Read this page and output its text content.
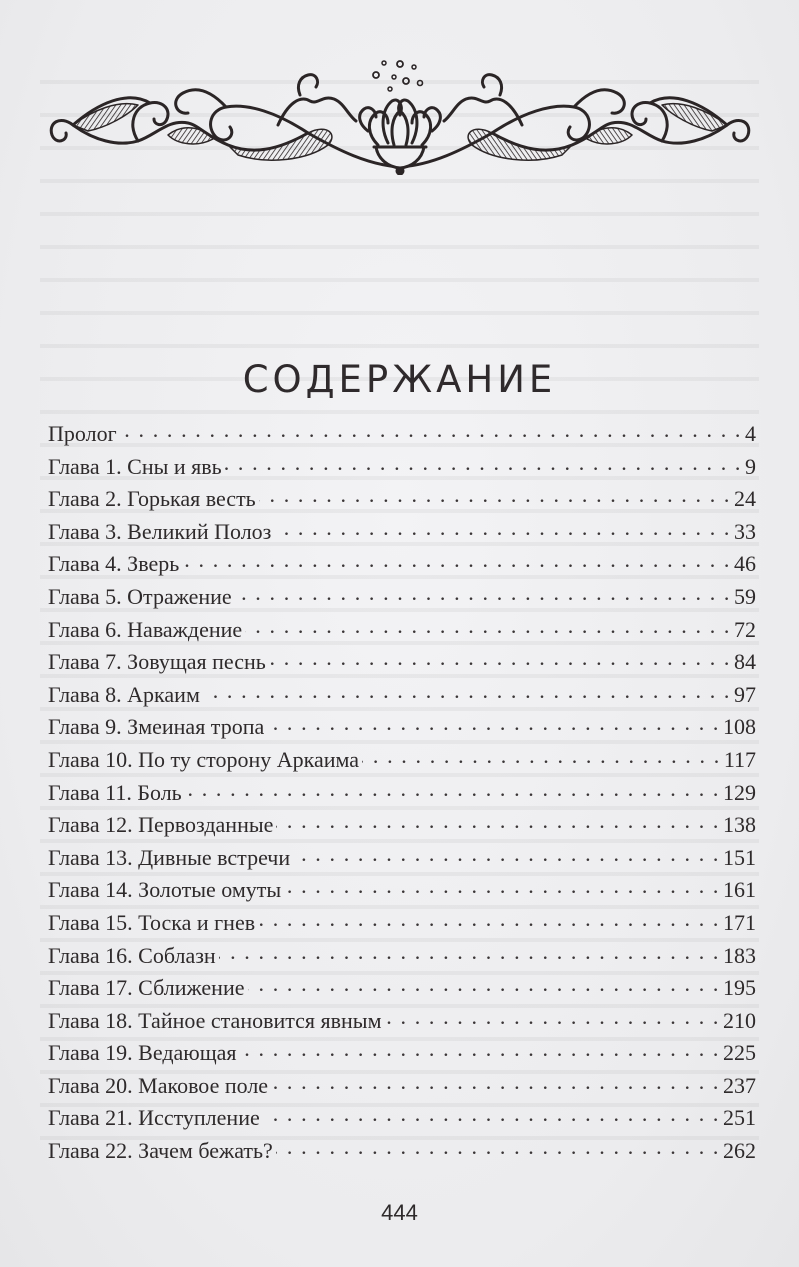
СОДЕРЖАНИЕ
Пролог . . .	4
Глава 1. Сны и явь . . .	9
Глава 2. Горькая весть . . .	24
Глава 3. Великий Полоз . . .	33
Глава 4. Зверь . . .	46
Глава 5. Отражение . . .	59
Глава 6. Наваждение . . .	72
Глава 7. Зовущая песнь . . .	84
Глава 8. Аркаим . . .	97
Глава 9. Змеиная тропа . . .	108
Глава 10. По ту сторону Аркаима . . .	117
Глава 11. Боль . . .	129
Глава 12. Первозданные . . .	138
Глава 13. Дивные встречи . . .	151
Глава 14. Золотые омуты . . .	161
Глава 15. Тоска и гнев . . .	171
Глава 16. Соблазн . . .	183
Глава 17. Сближение . . .	195
Глава 18. Тайное становится явным . . .	210
Глава 19. Ведающая . . .	225
Глава 20. Маковое поле . . .	237
Глава 21. Исступление . . .	251
Глава 22. Зачем бежать? . . .	262
444
